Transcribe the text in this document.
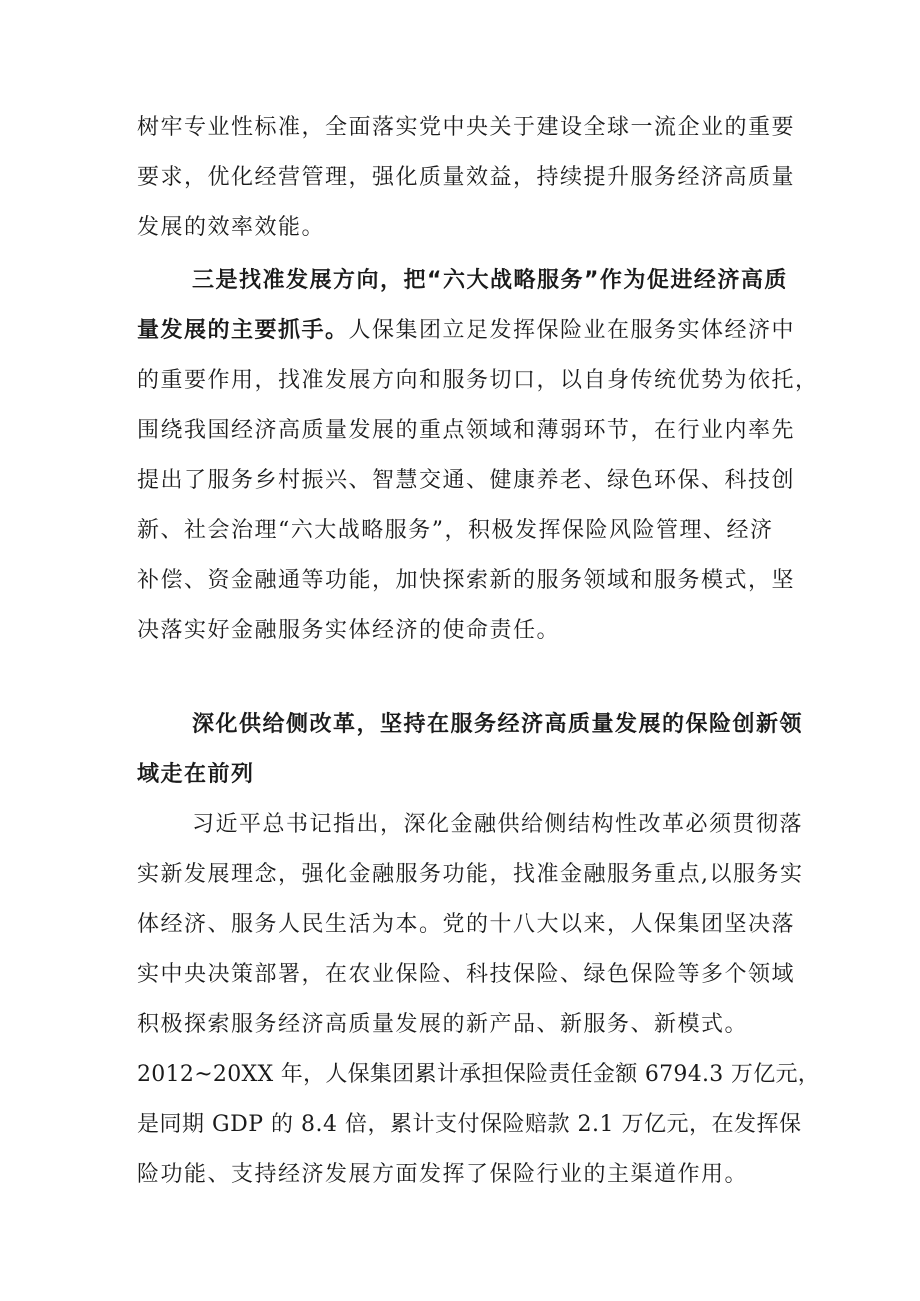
树牢专业性标准，全面落实党中央关于建设全球一流企业的重要
要求，优化经营管理，强化质量效益，持续提升服务经济高质量
发展的效率效能。
三是找准发展方向，把“六大战略服务”作为促进经济高质
量发展的主要抓手。人保集团立足发挥保险业在服务实体经济中
的重要作用，找准发展方向和服务切口，以自身传统优势为依托，
围绕我国经济高质量发展的重点领域和薄弱环节，在行业内率先
提出了服务乡村振兴、智慧交通、健康养老、绿色环保、科技创
新、社会治理“六大战略服务”，积极发挥保险风险管理、经济
补偿、资金融通等功能，加快探索新的服务领域和服务模式，坚
决落实好金融服务实体经济的使命责任。
深化供给侧改革，坚持在服务经济高质量发展的保险创新领
域走在前列
习近平总书记指出，深化金融供给侧结构性改革必须贯彻落
实新发展理念，强化金融服务功能，找准金融服务重点,以服务实
体经济、服务人民生活为本。党的十八大以来，人保集团坚决落
实中央决策部署，在农业保险、科技保险、绿色保险等多个领域
积极探索服务经济高质量发展的新产品、新服务、新模式。
2012~20XX 年，人保集团累计承担保险责任金额 6794.3 万亿元，
是同期 GDP 的 8.4 倍，累计支付保险赔款 2.1 万亿元，在发挥保
险功能、支持经济发展方面发挥了保险行业的主渠道作用。
